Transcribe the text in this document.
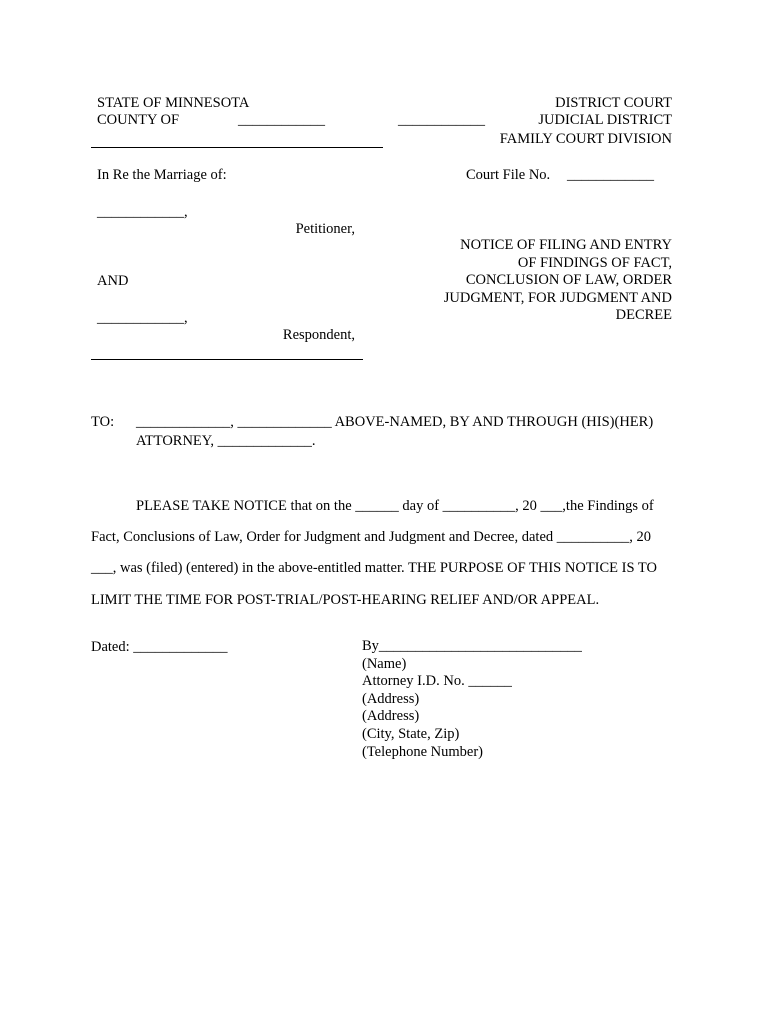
STATE OF MINNESOTA
COUNTY OF	____________
DISTRICT COURT
____________	JUDICIAL DISTRICT
FAMILY COURT DIVISION
In Re the Marriage of:	Court File No. ____________
____________,
Petitioner,
AND
____________,
Respondent,
NOTICE OF FILING AND ENTRY
OF FINDINGS OF FACT,
CONCLUSION OF LAW, ORDER
JUDGMENT, FOR JUDGMENT AND
DECREE
TO: _____________, _____________ ABOVE-NAMED, BY AND THROUGH (HIS)(HER)
ATTORNEY, _____________.
PLEASE TAKE NOTICE that on the ______ day of __________, 20 ___,the Findings of
Fact, Conclusions of Law, Order for Judgment and Judgment and Decree, dated __________, 20
___, was (filed) (entered) in the above-entitled matter. THE PURPOSE OF THIS NOTICE IS TO
LIMIT THE TIME FOR POST-TRIAL/POST-HEARING RELIEF AND/OR APPEAL.
Dated: _____________	By____________________________
(Name)
Attorney I.D. No. ______
(Address)
(Address)
(City, State, Zip)
(Telephone Number)
